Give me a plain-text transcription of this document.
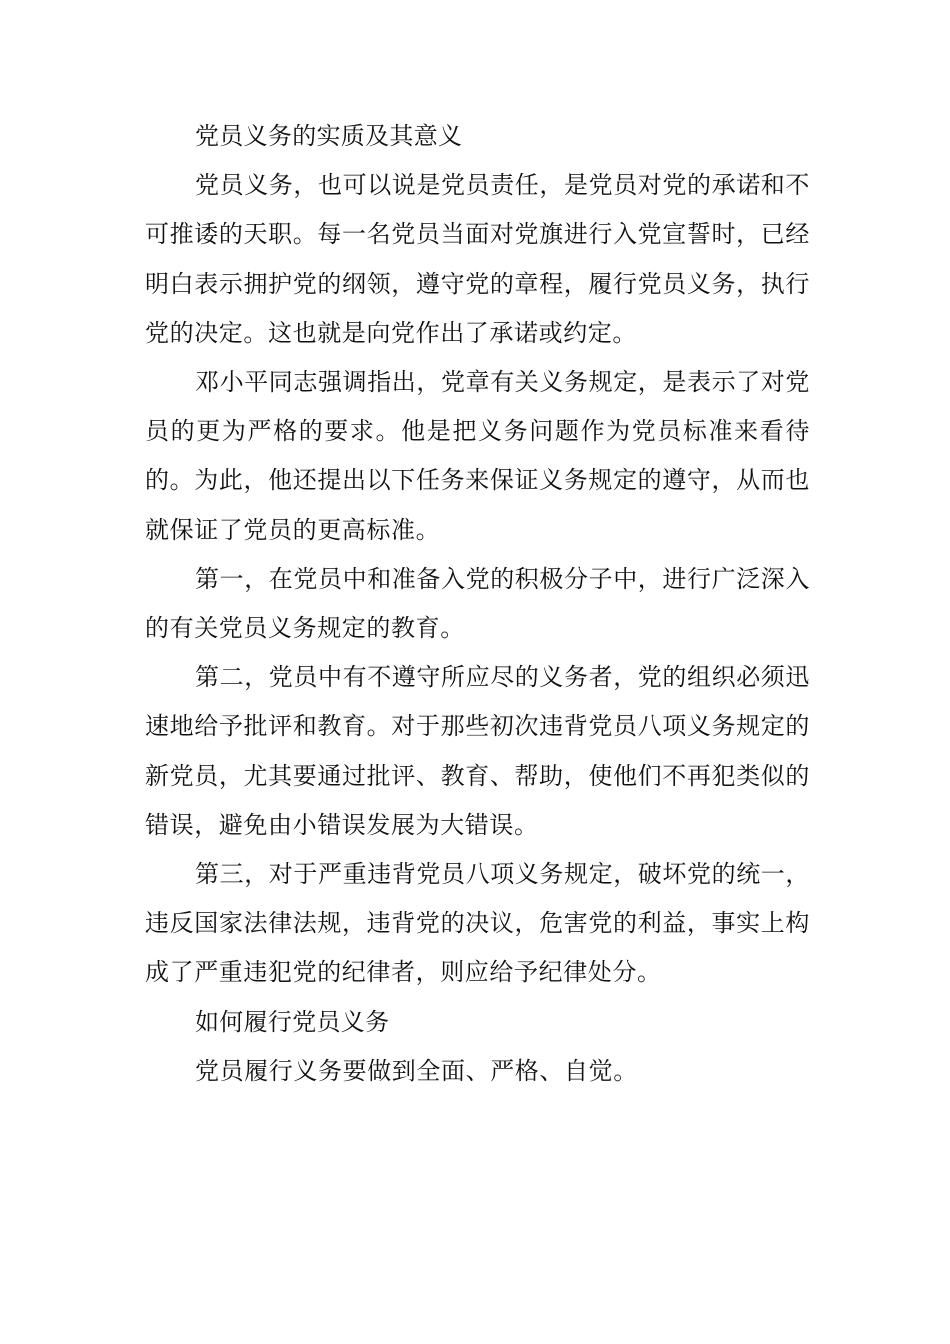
党员义务的实质及其意义

党员义务，也可以说是党员责任，是党员对党的承诺和不可推诿的天职。每一名党员当面对党旗进行入党宣誓时，已经明白表示拥护党的纲领，遵守党的章程，履行党员义务，执行党的决定。这也就是向党作出了承诺或约定。

邓小平同志强调指出，党章有关义务规定，是表示了对党员的更为严格的要求。他是把义务问题作为党员标准来看待的。为此，他还提出以下任务来保证义务规定的遵守，从而也就保证了党员的更高标准。

第一，在党员中和准备入党的积极分子中，进行广泛深入的有关党员义务规定的教育。

第二，党员中有不遵守所应尽的义务者，党的组织必须迅速地给予批评和教育。对于那些初次违背党员八项义务规定的新党员，尤其要通过批评、教育、帮助，使他们不再犯类似的错误，避免由小错误发展为大错误。

第三，对于严重违背党员八项义务规定，破坏党的统一，违反国家法律法规，违背党的决议，危害党的利益，事实上构成了严重违犯党的纪律者，则应给予纪律处分。

如何履行党员义务

党员履行义务要做到全面、严格、自觉。
